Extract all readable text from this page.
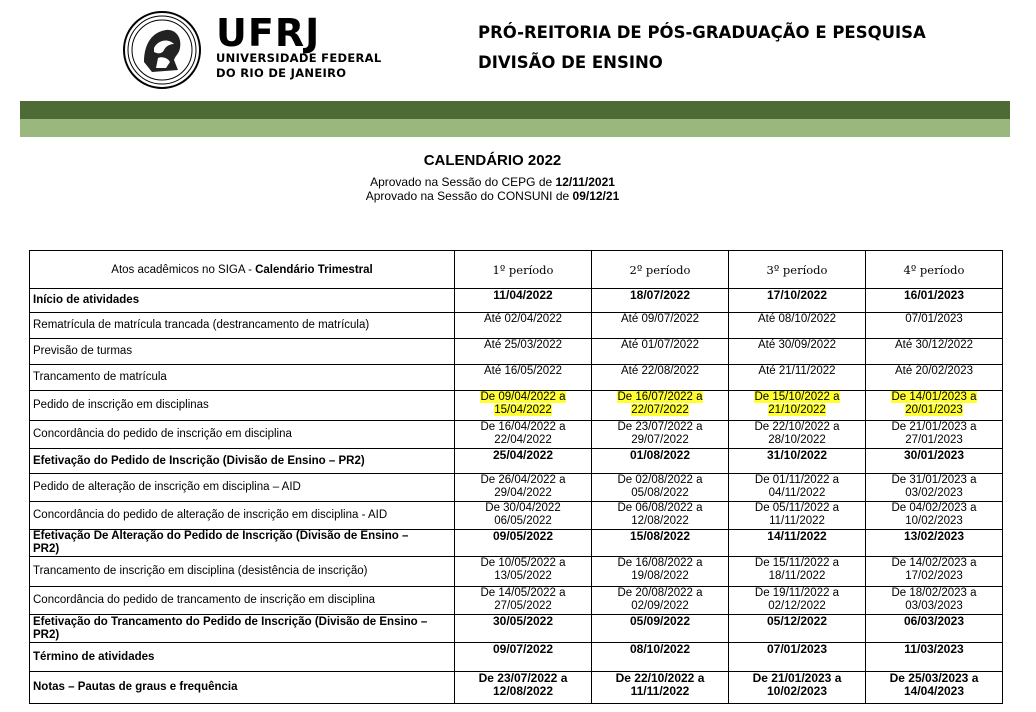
UFRJ
UNIVERSIDADE FEDERAL
DO RIO DE JANEIRO
PRÓ-REITORIA DE PÓS-GRADUAÇÃO E PESQUISA
DIVISÃO DE ENSINO
CALENDÁRIO 2022
Aprovado na Sessão do CEPG de 12/11/2021
Aprovado na Sessão do CONSUNI de 09/12/21
Atos acadêmicos no SIGA - Calendário Trimestral	1º período	2º período	3º período	4º período
Início de atividades	11/04/2022	18/07/2022	17/10/2022	16/01/2023
Rematrícula de matrícula trancada (destrancamento de matrícula)	Até 02/04/2022	Até 09/07/2022	Até 08/10/2022	07/01/2023
Previsão de turmas	Até 25/03/2022	Até 01/07/2022	Até 30/09/2022	Até 30/12/2022
Trancamento de matrícula	Até 16/05/2022	Até 22/08/2022	Até 21/11/2022	Até 20/02/2023
Pedido de inscrição em disciplinas	De 09/04/2022 a
15/04/2022	De 16/07/2022 a
22/07/2022	De 15/10/2022 a
21/10/2022	De 14/01/2023 a
20/01/2023
Concordância do pedido de inscrição em disciplina	De 16/04/2022 a
22/04/2022	De 23/07/2022 a
29/07/2022	De 22/10/2022 a
28/10/2022	De 21/01/2023 a
27/01/2023
Efetivação do Pedido de Inscrição (Divisão de Ensino – PR2)	25/04/2022	01/08/2022	31/10/2022	30/01/2023
Pedido de alteração de inscrição em disciplina – AID	De 26/04/2022 a
29/04/2022	De 02/08/2022 a
05/08/2022	De 01/11/2022 a
04/11/2022	De 31/01/2023 a
03/02/2023
Concordância do pedido de alteração de inscrição em disciplina - AID	De 30/04/2022
06/05/2022	De 06/08/2022 a
12/08/2022	De 05/11/2022 a
11/11/2022	De 04/02/2023 a
10/02/2023
Efetivação De Alteração do Pedido de Inscrição (Divisão de Ensino –
PR2)	09/05/2022	15/08/2022	14/11/2022	13/02/2023
Trancamento de inscrição em disciplina (desistência de inscrição)	De 10/05/2022 a
13/05/2022	De 16/08/2022 a
19/08/2022	De 15/11/2022 a
18/11/2022	De 14/02/2023 a
17/02/2023
Concordância do pedido de trancamento de inscrição em disciplina	De 14/05/2022 a
27/05/2022	De 20/08/2022 a
02/09/2022	De 19/11/2022 a
02/12/2022	De 18/02/2023 a
03/03/2023
Efetivação do Trancamento do Pedido de Inscrição (Divisão de Ensino –
PR2)	30/05/2022	05/09/2022	05/12/2022	06/03/2023
Término de atividades	09/07/2022	08/10/2022	07/01/2023	11/03/2023
Notas – Pautas de graus e frequência	De 23/07/2022 a
12/08/2022	De 22/10/2022 a
11/11/2022	De 21/01/2023 a
10/02/2023	De 25/03/2023 a
14/04/2023
